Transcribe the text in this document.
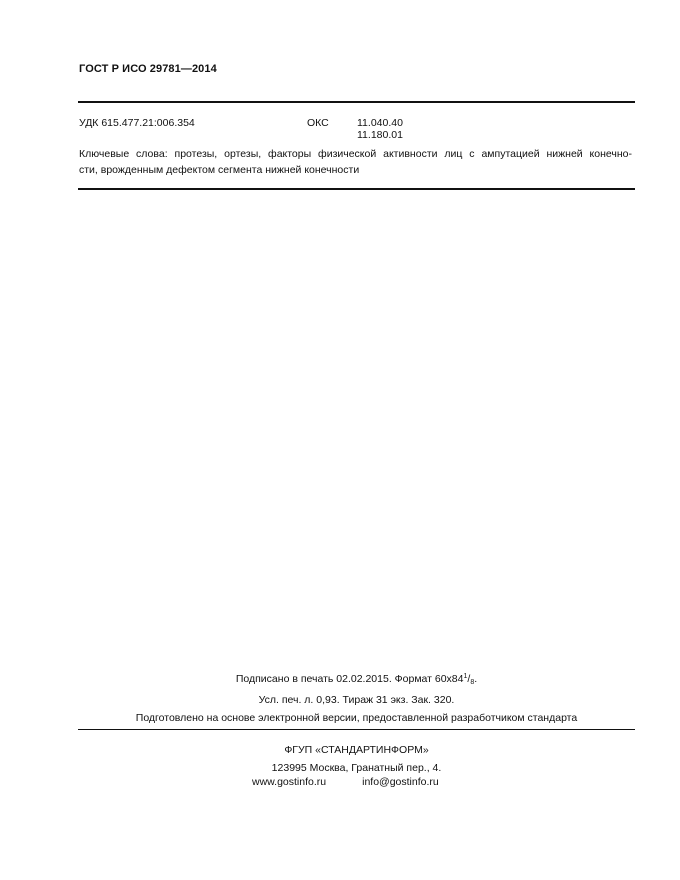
ГОСТ Р ИСО 29781—2014
УДК 615.477.21:006.354	ОКС	11.040.40
11.180.01
Ключевые слова: протезы, ортезы, факторы физической активности лиц с ампутацией нижней конечно-
сти, врожденным дефектом сегмента нижней конечности
Подписано в печать 02.02.2015. Формат $60х84^1/_8$.
Усл. печ. л. 0,93. Тираж 31 экз. Зак. 320.
Подготовлено на основе электронной версии, предоставленной разработчиком стандарта
ФГУП «СТАНДАРТИНФОРМ»
123995 Москва, Гранатный пер., 4.
www.gostinfo.ru	info@gostinfo.ru
